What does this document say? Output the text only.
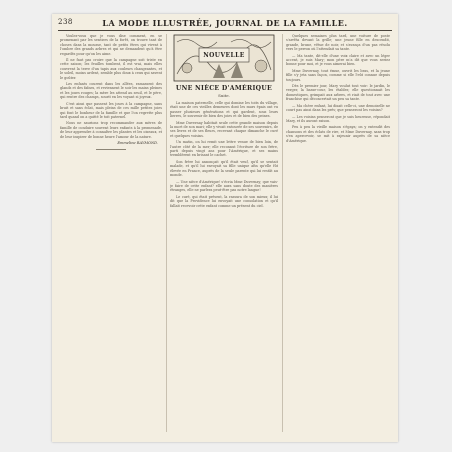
238	LA MODE ILLUSTRÉE, JOURNAL DE LA FAMILLE.

Voulez-vous que je vous dise comment, en se promenant par les sentiers de la forêt, on trouve tant de choses dans la mousse, tant de petits êtres qui vivent à l'ombre des grands arbres et qui ne demandent qu'à être regardés pour qu'on les aime.

Il ne faut pas croire que la campagne soit triste en cette saison; les feuilles tombent, il est vrai, mais elles couvrent la terre d'un tapis aux couleurs changeantes, et le soleil, moins ardent, semble plus doux à ceux qui savent le goûter.

Les enfants courent dans les allées, ramassent des glands et des faînes, et reviennent le soir les mains pleines et les joues rouges; la mère les attend au seuil, et le père, qui rentre des champs, sourit en les voyant si joyeux.

C'est ainsi que passent les jours à la campagne, sans bruit et sans éclat, mais pleins de ces mille petites joies qui font le bonheur de la famille et que l'on regrette plus tard quand on a quitté le toit paternel.

Nous ne saurions trop recommander aux mères de famille de conduire souvent leurs enfants à la promenade, de leur apprendre à connaître les plantes et les oiseaux, et de leur inspirer de bonne heure l'amour de la nature.

Emmeline RAYMOND.
NOUVELLE
UNE NIÈCE D'AMÉRIQUE
Suite.

La maison paternelle, celle qui domine les toits du village, était une de ces vieilles demeures dont les murs épais ont vu passer plusieurs générations et qui gardent, sous leurs lierres, le souvenir de bien des joies et de bien des peines.

Mme Duvernay habitait seule cette grande maison depuis la mort de son mari; elle y vivait entourée de ses souvenirs, de ses livres et de ses fleurs, recevant chaque dimanche le curé et quelques voisins.

Un matin, on lui remit une lettre venue de bien loin, de l'autre côté de la mer; elle reconnut l'écriture de son frère, parti depuis vingt ans pour l'Amérique, et ses mains tremblèrent en brisant le cachet.

Son frère lui annonçait qu'il était veuf, qu'il se sentait malade, et qu'il lui envoyait sa fille unique afin qu'elle fût élevée en France, auprès de la seule parente qui lui restât au monde.

— Une nièce d'Amérique! s'écria Mme Duvernay; que vais-je faire de cette enfant? elle aura sans doute des manières étranges, elle ne parlera peut-être pas notre langue!

Le curé, qui était présent, la rassura de son mieux; il lui dit que la Providence lui envoyait une consolation et qu'il fallait recevoir cette enfant comme un présent du ciel.

Quelques semaines plus tard, une voiture de poste s'arrêta devant la grille; une jeune fille en descendit, grande, brune, vêtue de noir, et s'avança d'un pas résolu vers le perron où l'attendait sa tante.

— Ma tante, dit-elle d'une voix claire et avec un léger accent, je suis Mary; mon père m'a dit que vous seriez bonne pour moi, et je vous aimerai bien.

Mme Duvernay, tout émue, ouvrit les bras, et la jeune fille s'y jeta sans façon, comme si elle l'eût connue depuis toujours.

Dès le premier jour, Mary voulut tout voir: le jardin, le verger, la basse-cour, les étables; elle questionnait les domestiques, grimpait aux arbres, et riait de tout avec une franchise qui déconcertait un peu sa tante.

— Ma chère enfant, lui disait celle-ci, une demoiselle ne court pas ainsi dans les prés; que penseront les voisins?

— Les voisins penseront que je suis heureuse, répondait Mary, et ils auront raison.

Peu à peu la vieille maison s'égaya; on y entendit des chansons et des éclats de rire, et Mme Duvernay, sans trop s'en apercevoir, se mit à rajeunir auprès de sa nièce d'Amérique.
